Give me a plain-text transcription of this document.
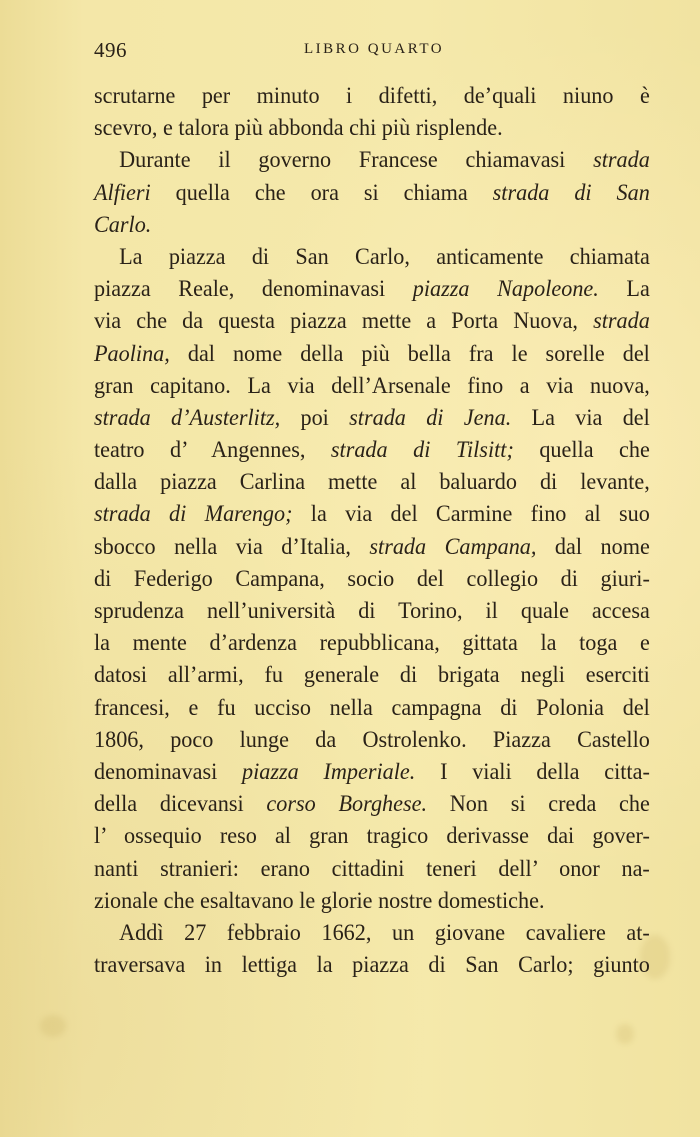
496	LIBRO QUARTO
scrutarne per minuto i difetti, de’quali niuno è
scevro, e talora più abbonda chi più risplende.
Durante il governo Francese chiamavasi strada
Alfieri quella che ora si chiama strada di San
Carlo.
La piazza di San Carlo, anticamente chiamata
piazza Reale, denominavasi piazza Napoleone. La
via che da questa piazza mette a Porta Nuova, strada
Paolina, dal nome della più bella fra le sorelle del
gran capitano. La via dell’Arsenale fino a via nuova,
strada d’Austerlitz, poi strada di Jena. La via del
teatro d’ Angennes, strada di Tilsitt; quella che
dalla piazza Carlina mette al baluardo di levante,
strada di Marengo; la via del Carmine fino al suo
sbocco nella via d’Italia, strada Campana, dal nome
di Federigo Campana, socio del collegio di giuri-
sprudenza nell’università di Torino, il quale accesa
la mente d’ardenza repubblicana, gittata la toga e
datosi all’armi, fu generale di brigata negli eserciti
francesi, e fu ucciso nella campagna di Polonia del
1806, poco lunge da Ostrolenko. Piazza Castello
denominavasi piazza Imperiale. I viali della citta-
della dicevansi corso Borghese. Non si creda che
l’ ossequio reso al gran tragico derivasse dai gover-
nanti stranieri: erano cittadini teneri dell’ onor na-
zionale che esaltavano le glorie nostre domestiche.
Addì 27 febbraio 1662, un giovane cavaliere at-
traversava in lettiga la piazza di San Carlo; giunto
